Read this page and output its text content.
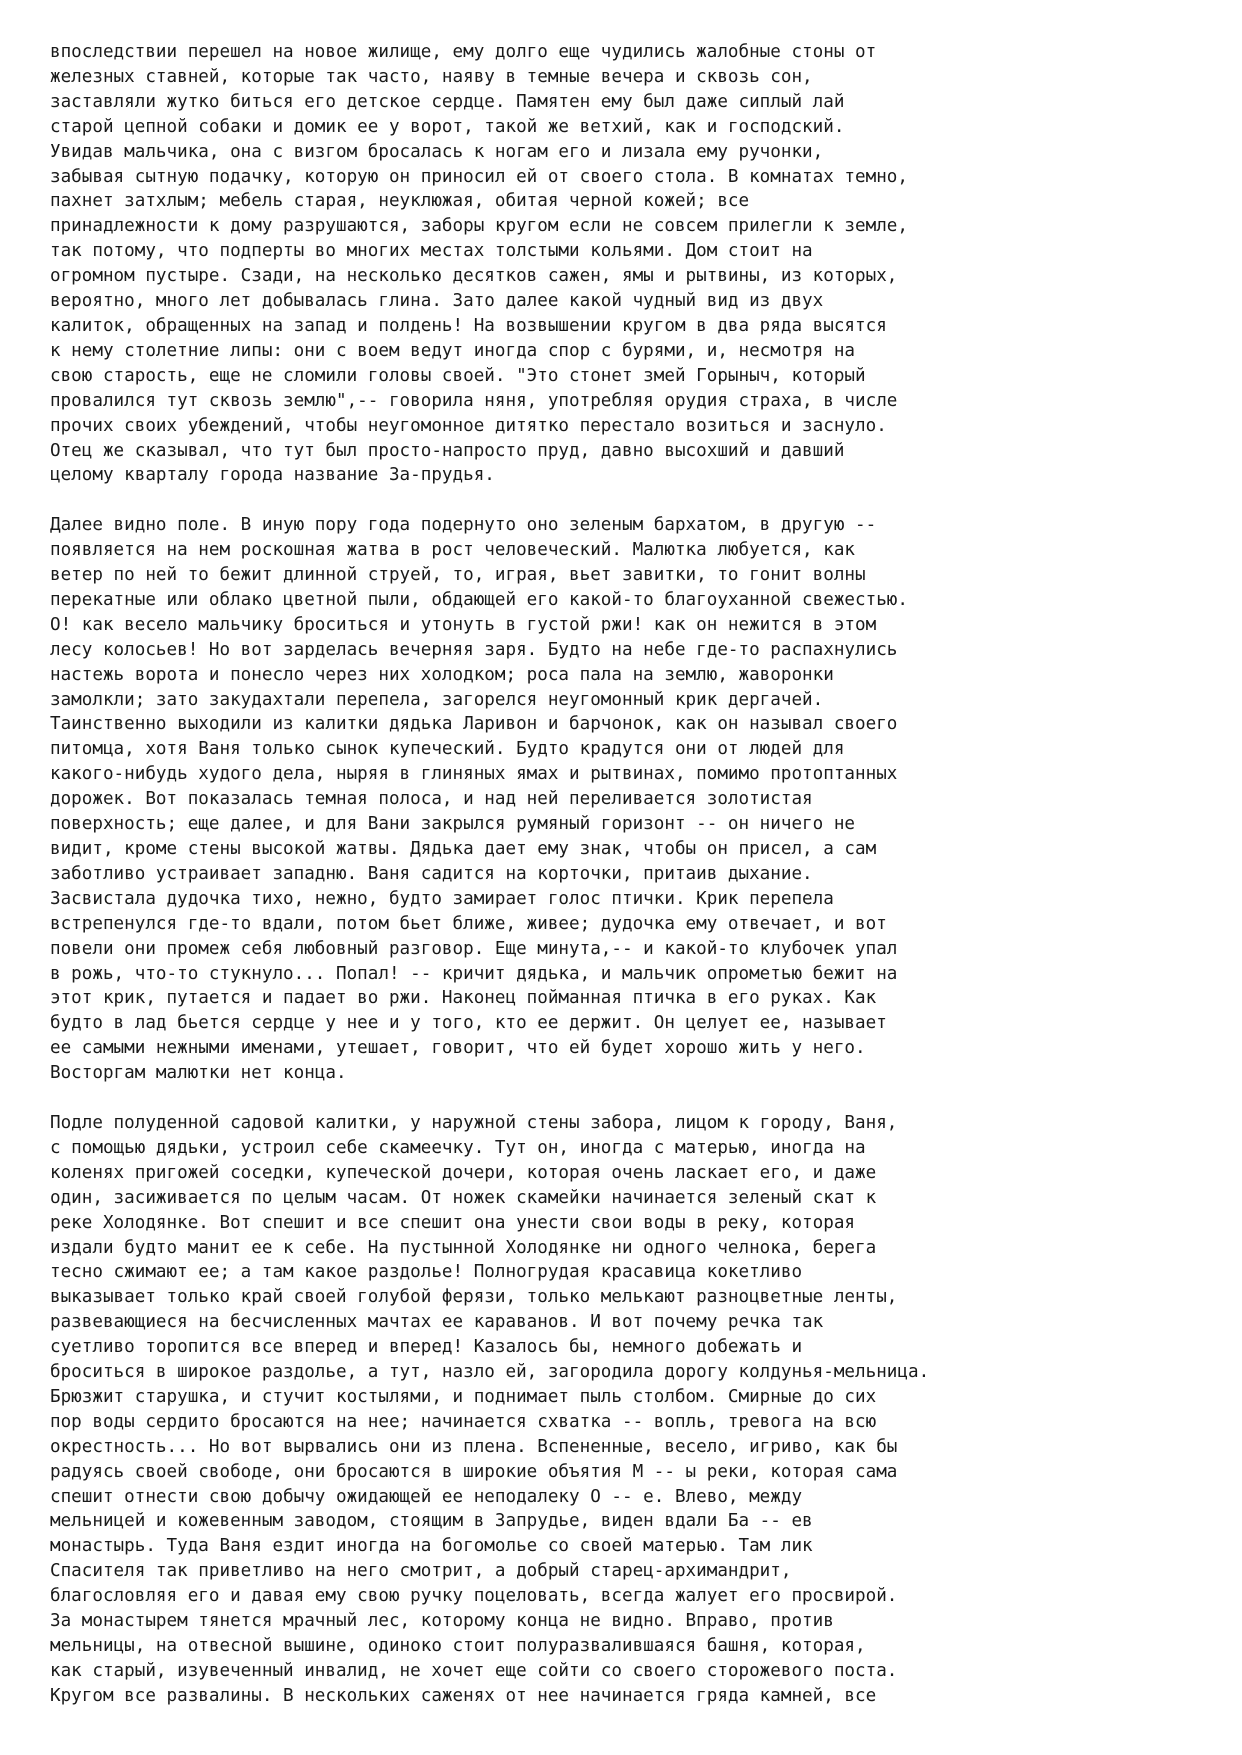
впоследствии перешел на новое жилище, ему долго еще чудились жалобные стоны от
железных ставней, которые так часто, наяву в темные вечера и сквозь сон,
заставляли жутко биться его детское сердце. Памятен ему был даже сиплый лай
старой цепной собаки и домик ее у ворот, такой же ветхий, как и господский.
Увидав мальчика, она с визгом бросалась к ногам его и лизала ему ручонки,
забывая сытную подачку, которую он приносил ей от своего стола. В комнатах темно,
пахнет затхлым; мебель старая, неуклюжая, обитая черной кожей; все
принадлежности к дому разрушаются, заборы кругом если не совсем прилегли к земле,
так потому, что подперты во многих местах толстыми кольями. Дом стоит на
огромном пустыре. Сзади, на несколько десятков сажен, ямы и рытвины, из которых,
вероятно, много лет добывалась глина. Зато далее какой чудный вид из двух
калиток, обращенных на запад и полдень! На возвышении кругом в два ряда высятся
к нему столетние липы: они с воем ведут иногда спор с бурями, и, несмотря на
свою старость, еще не сломили головы своей. "Это стонет змей Горыныч, который
провалился тут сквозь землю",-- говорила няня, употребляя орудия страха, в числе
прочих своих убеждений, чтобы неугомонное дитятко перестало возиться и заснуло.
Отец же сказывал, что тут был просто-напросто пруд, давно высохший и давший
целому кварталу города название За-прудья.
Далее видно поле. В иную пору года подернуто оно зеленым бархатом, в другую --
появляется на нем роскошная жатва в рост человеческий. Малютка любуется, как
ветер по ней то бежит длинной струей, то, играя, вьет завитки, то гонит волны
перекатные или облако цветной пыли, обдающей его какой-то благоуханной свежестью.
О! как весело мальчику броситься и утонуть в густой ржи! как он нежится в этом
лесу колосьев! Но вот зарделась вечерняя заря. Будто на небе где-то распахнулись
настежь ворота и понесло через них холодком; роса пала на землю, жаворонки
замолкли; зато закудахтали перепела, загорелся неугомонный крик дергачей.
Таинственно выходили из калитки дядька Ларивон и барчонок, как он называл своего
питомца, хотя Ваня только сынок купеческий. Будто крадутся они от людей для
какого-нибудь худого дела, ныряя в глиняных ямах и рытвинах, помимо протоптанных
дорожек. Вот показалась темная полоса, и над ней переливается золотистая
поверхность; еще далее, и для Вани закрылся румяный горизонт -- он ничего не
видит, кроме стены высокой жатвы. Дядька дает ему знак, чтобы он присел, а сам
заботливо устраивает западню. Ваня садится на корточки, притаив дыхание.
Засвистала дудочка тихо, нежно, будто замирает голос птички. Крик перепела
встрепенулся где-то вдали, потом бьет ближе, живее; дудочка ему отвечает, и вот
повели они промеж себя любовный разговор. Еще минута,-- и какой-то клубочек упал
в рожь, что-то стукнуло... Попал! -- кричит дядька, и мальчик опрометью бежит на
этот крик, путается и падает во ржи. Наконец пойманная птичка в его руках. Как
будто в лад бьется сердце у нее и у того, кто ее держит. Он целует ее, называет
ее самыми нежными именами, утешает, говорит, что ей будет хорошо жить у него.
Восторгам малютки нет конца.
Подле полуденной садовой калитки, у наружной стены забора, лицом к городу, Ваня,
с помощью дядьки, устроил себе скамеечку. Тут он, иногда с матерью, иногда на
коленях пригожей соседки, купеческой дочери, которая очень ласкает его, и даже
один, засиживается по целым часам. От ножек скамейки начинается зеленый скат к
реке Холодянке. Вот спешит и все спешит она унести свои воды в реку, которая
издали будто манит ее к себе. На пустынной Холодянке ни одного челнока, берега
тесно сжимают ее; а там какое раздолье! Полногрудая красавица кокетливо
выказывает только край своей голубой ферязи, только мелькают разноцветные ленты,
развевающиеся на бесчисленных мачтах ее караванов. И вот почему речка так
суетливо торопится все вперед и вперед! Казалось бы, немного добежать и
броситься в широкое раздолье, а тут, назло ей, загородила дорогу колдунья-мельница.
Брюзжит старушка, и стучит костылями, и поднимает пыль столбом. Смирные до сих
пор воды сердито бросаются на нее; начинается схватка -- вопль, тревога на всю
окрестность... Но вот вырвались они из плена. Вспененные, весело, игриво, как бы
радуясь своей свободе, они бросаются в широкие объятия М -- ы реки, которая сама
спешит отнести свою добычу ожидающей ее неподалеку О -- е. Влево, между
мельницей и кожевенным заводом, стоящим в Запрудье, виден вдали Ба -- ев
монастырь. Туда Ваня ездит иногда на богомолье со своей матерью. Там лик
Спасителя так приветливо на него смотрит, а добрый старец-архимандрит,
благословляя его и давая ему свою ручку поцеловать, всегда жалует его просвирой.
За монастырем тянется мрачный лес, которому конца не видно. Вправо, против
мельницы, на отвесной вышине, одиноко стоит полуразвалившаяся башня, которая,
как старый, изувеченный инвалид, не хочет еще сойти со своего сторожевого поста.
Кругом все развалины. В нескольких саженях от нее начинается гряда камней, все
